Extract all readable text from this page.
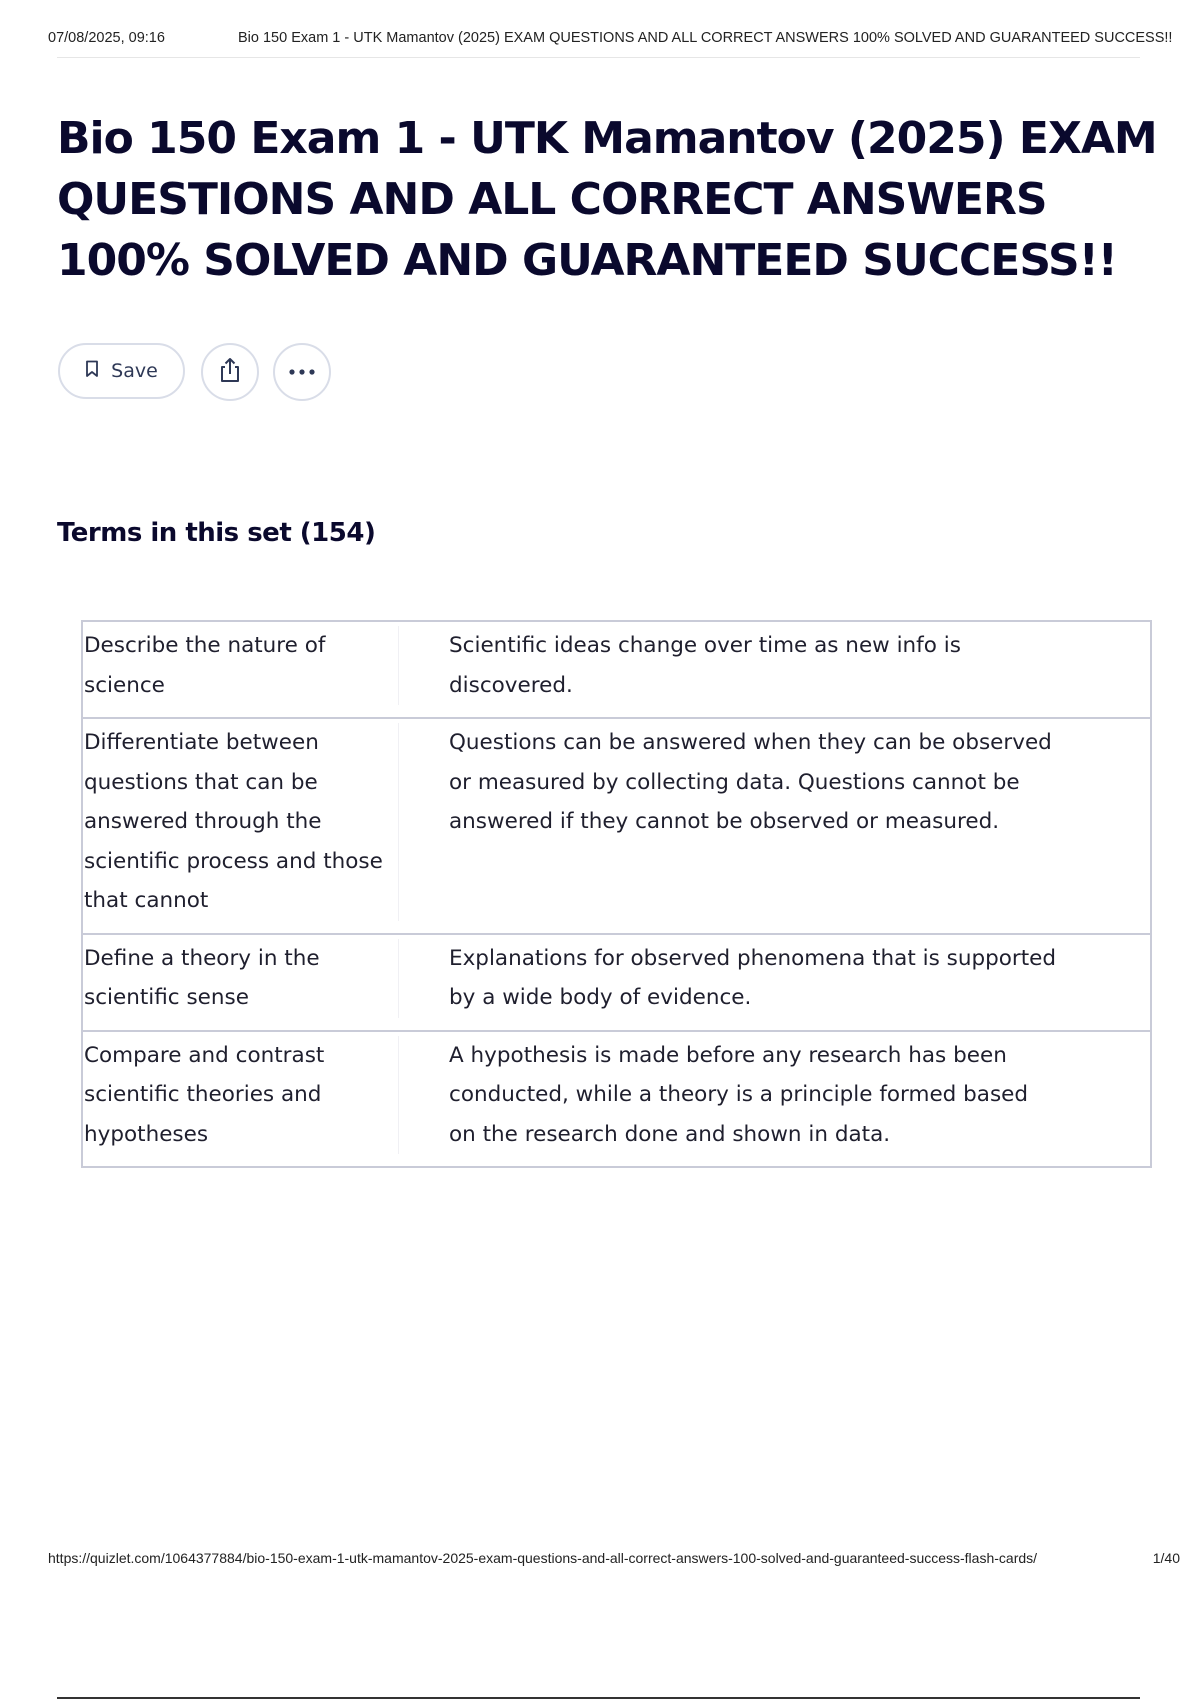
07/08/2025, 09:16	Bio 150 Exam 1 - UTK Mamantov (2025) EXAM QUESTIONS AND ALL CORRECT ANSWERS 100% SOLVED AND GUARANTEED SUCCESS!!
Bio 150 Exam 1 - UTK Mamantov (2025) EXAM QUESTIONS AND ALL CORRECT ANSWERS 100% SOLVED AND GUARANTEED SUCCESS!!
Save
Terms in this set (154)
Describe the nature of science
Scientific ideas change over time as new info is discovered.
Differentiate between questions that can be answered through the scientific process and those that cannot
Questions can be answered when they can be observed or measured by collecting data. Questions cannot be answered if they cannot be observed or measured.
Define a theory in the scientific sense
Explanations for observed phenomena that is supported by a wide body of evidence.
Compare and contrast scientific theories and hypotheses
A hypothesis is made before any research has been conducted, while a theory is a principle formed based on the research done and shown in data.
https://quizlet.com/1064377884/bio-150-exam-1-utk-mamantov-2025-exam-questions-and-all-correct-answers-100-solved-and-guaranteed-success-flash-cards/	1/40
